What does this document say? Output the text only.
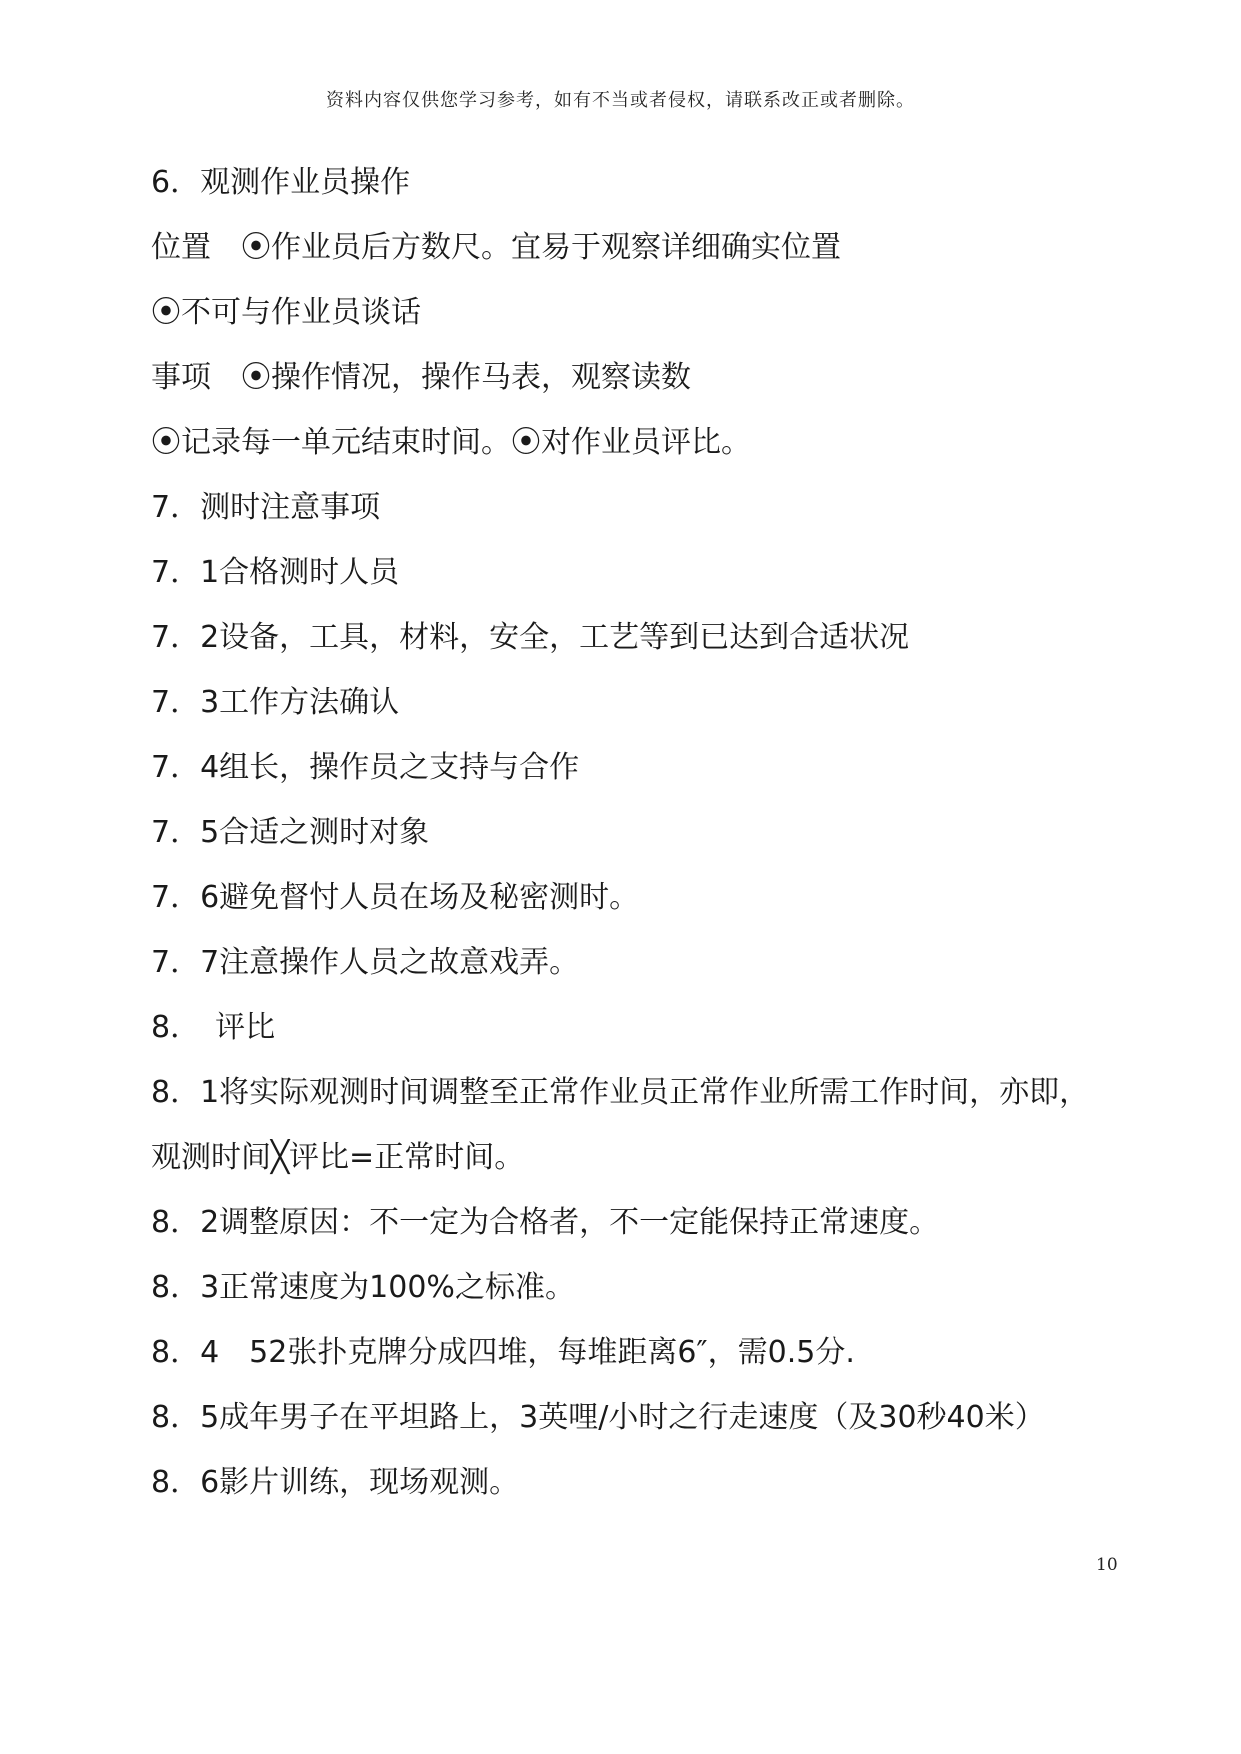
资料内容仅供您学习参考，如有不当或者侵权，请联系改正或者删除。
6．观测作业员操作
位置　⦿作业员后方数尺。宜易于观察详细确实位置
⦿不可与作业员谈话
事项　⦿操作情况，操作马表，观察读数
⦿记录每一单元结束时间。⦿对作业员评比。
7．测时注意事项
7．1合格测时人员
7．2设备，工具，材料，安全，工艺等到已达到合适状况
7．3工作方法确认
7．4组长，操作员之支持与合作
7．5合适之测时对象
7．6避免督忖人员在场及秘密测时。
7．7注意操作人员之故意戏弄。
8．　评比
8．1将实际观测时间调整至正常作业员正常作业所需工作时间，亦即，
观测时间╳评比=正常时间。
8．2调整原因：不一定为合格者，不一定能保持正常速度。
8．3正常速度为100%之标准。
8．4　52张扑克牌分成四堆，每堆距离6″，需0.5分.
8．5成年男子在平坦路上，3英哩/小时之行走速度（及30秒40米）
8．6影片训练，现场观测。
10
